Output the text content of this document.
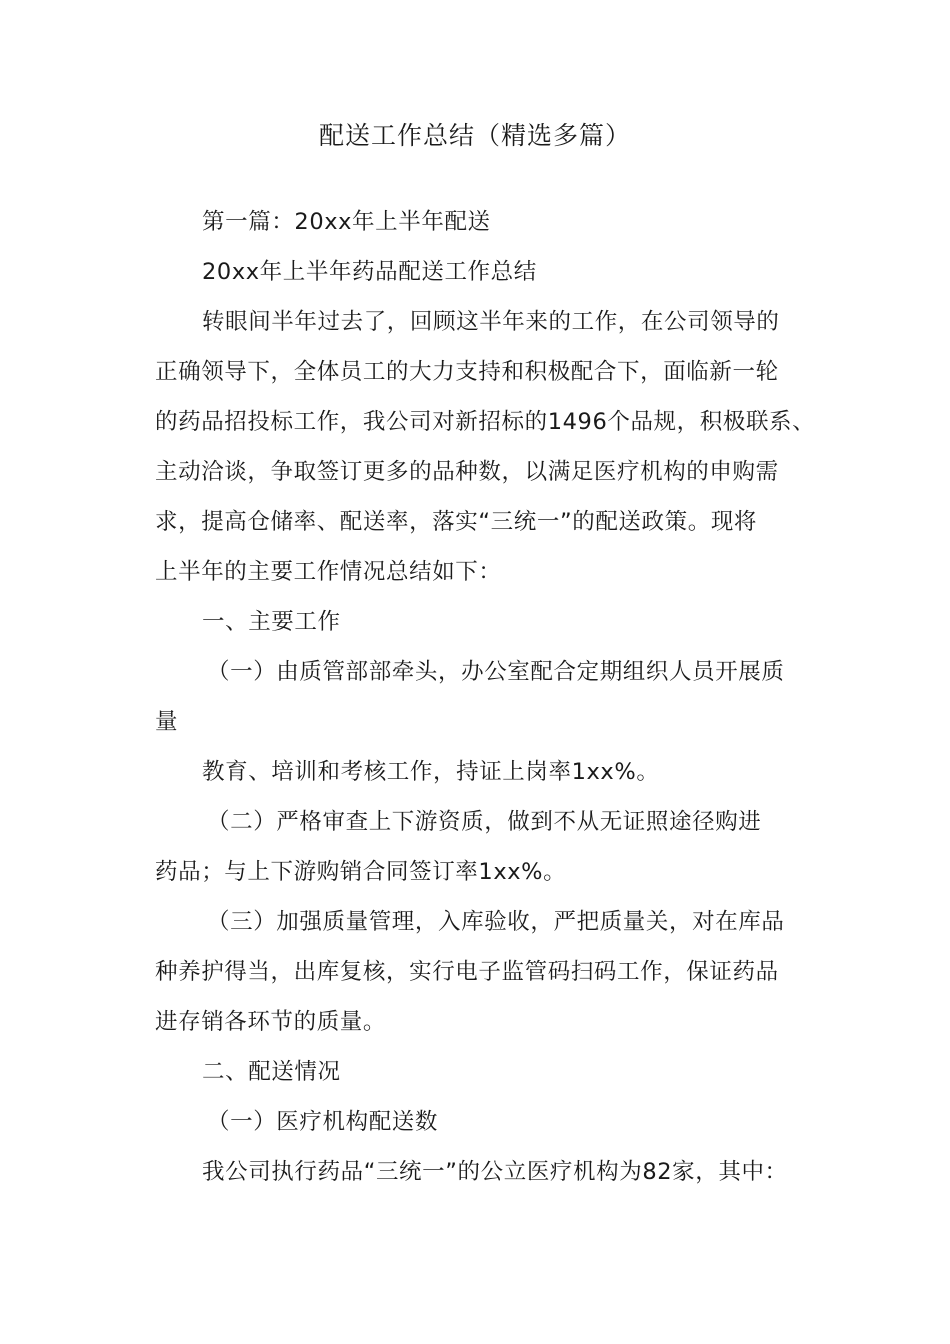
配送工作总结（精选多篇）
第一篇：20xx年上半年配送
20xx年上半年药品配送工作总结
转眼间半年过去了，回顾这半年来的工作，在公司领导的
正确领导下，全体员工的大力支持和积极配合下，面临新一轮
的药品招投标工作，我公司对新招标的1496个品规，积极联系、
主动洽谈，争取签订更多的品种数，以满足医疗机构的申购需
求，提高仓储率、配送率，落实“三统一”的配送政策。现将
上半年的主要工作情况总结如下：
一、主要工作
（一）由质管部部牵头，办公室配合定期组织人员开展质
量
教育、培训和考核工作，持证上岗率1xx%。
（二）严格审查上下游资质，做到不从无证照途径购进
药品；与上下游购销合同签订率1xx%。
（三）加强质量管理，入库验收，严把质量关，对在库品
种养护得当，出库复核，实行电子监管码扫码工作，保证药品
进存销各环节的质量。
二、配送情况
（一）医疗机构配送数
我公司执行药品“三统一”的公立医疗机构为82家，其中：
